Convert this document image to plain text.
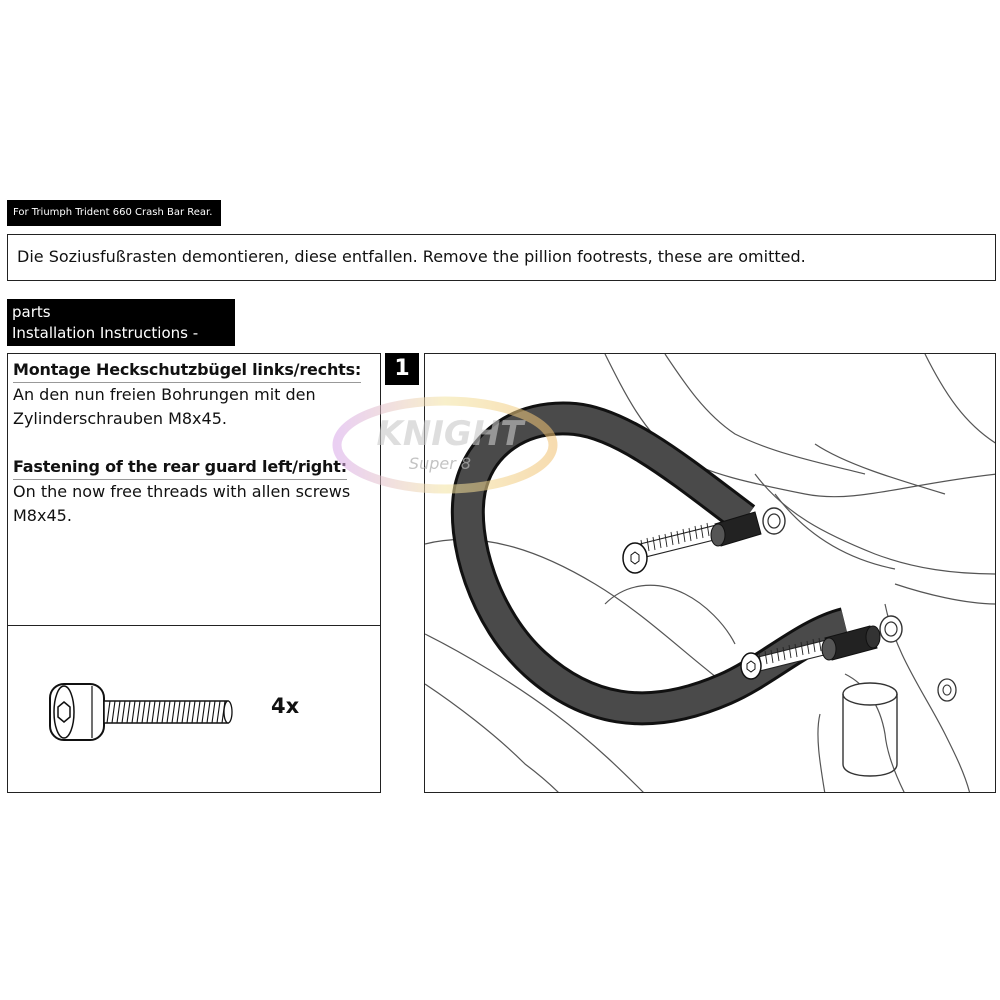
For Triumph Trident 660 Crash Bar Rear.
Die Soziusfußrasten demontieren, diese entfallen. Remove the pillion footrests, these are omitted.
parts
Installation Instructions -
Montage Heckschutzbügel links/rechts:
An den nun freien Bohrungen mit den
Zylinderschrauben M8x45.
Fastening of the rear guard left/right:
On the now free threads with allen screws
M8x45.
4x
1
KNIGHT
Super 8
